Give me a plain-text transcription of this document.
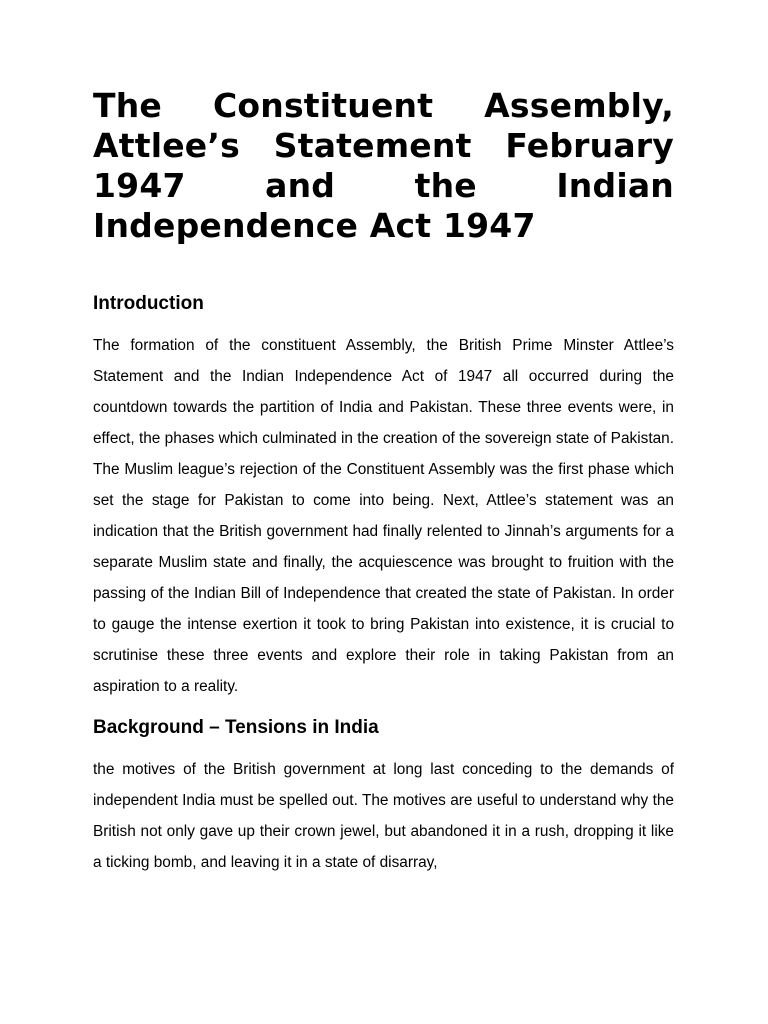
The Constituent Assembly, Attlee’s Statement February 1947 and the Indian Independence Act 1947
Introduction

The formation of the constituent Assembly, the British Prime Minster Attlee’s Statement and the Indian Independence Act of 1947 all occurred during the countdown towards the partition of India and Pakistan. These three events were, in effect, the phases which culminated in the creation of the sovereign state of Pakistan. The Muslim league’s rejection of the Constituent Assembly was the first phase which set the stage for Pakistan to come into being. Next, Attlee’s statement was an indication that the British government had finally relented to Jinnah’s arguments for a separate Muslim state and finally, the acquiescence was brought to fruition with the passing of the Indian Bill of Independence that created the state of Pakistan. In order to gauge the intense exertion it took to bring Pakistan into existence, it is crucial to scrutinise these three events and explore their role in taking Pakistan from an aspiration to a reality.

Background – Tensions in India

the motives of the British government at long last conceding to the demands of independent India must be spelled out. The motives are useful to understand why the British not only gave up their crown jewel, but abandoned it in a rush, dropping it like a ticking bomb, and leaving it in a state of disarray,
